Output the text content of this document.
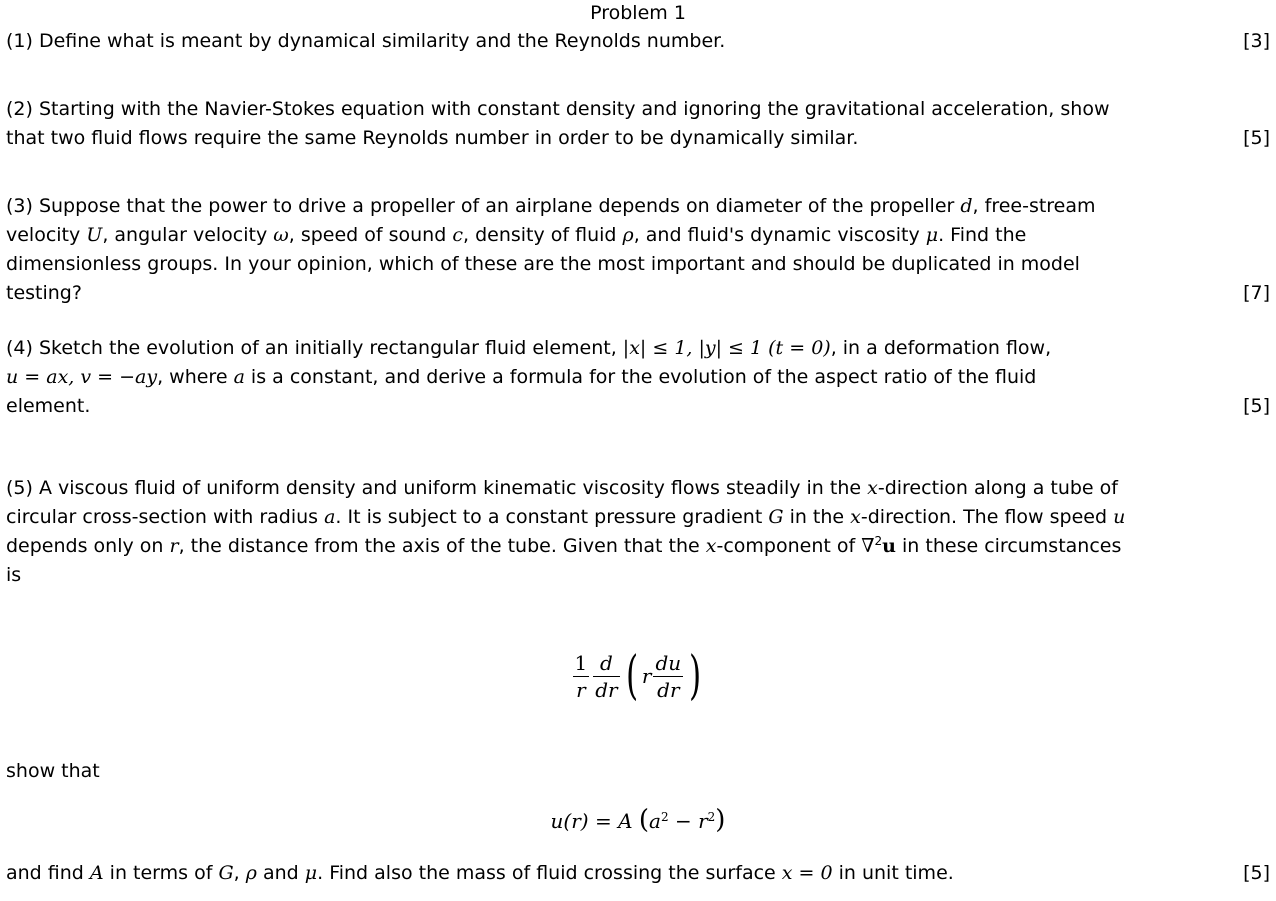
Problem 1
(1) Define what is meant by dynamical similarity and the Reynolds number.	[3]

(2) Starting with the Navier-Stokes equation with constant density and ignoring the gravitational acceleration, show

that two fluid flows require the same Reynolds number in order to be dynamically similar.	[5]

(3) Suppose that the power to drive a propeller of an airplane depends on diameter of the propeller d, free-stream

velocity U, angular velocity ω, speed of sound c, density of fluid ρ, and fluid's dynamic viscosity μ. Find the

dimensionless groups. In your opinion, which of these are the most important and should be duplicated in model

testing?	[7]

(4) Sketch the evolution of an initially rectangular fluid element, |x| ≤ 1, |y| ≤ 1 (t = 0), in a deformation flow,

u = ax, v = −ay, where a is a constant, and derive a formula for the evolution of the aspect ratio of the fluid

element.	[5]

(5) A viscous fluid of uniform density and uniform kinematic viscosity flows steadily in the x-direction along a tube of

circular cross-section with radius a. It is subject to a constant pressure gradient G in the x-direction. The flow speed u

depends only on r, the distance from the axis of the tube. Given that the x-component of ∇$^2$u in these circumstances

is

$\frac{1}{r} \frac{d}{dr}$ ( r $\frac{du}{dr}$ )

show that

u(r) = A $(a^2 - r^2)$
and find A in terms of G, ρ and μ. Find also the mass of fluid crossing the surface x = 0 in unit time.	[5]
